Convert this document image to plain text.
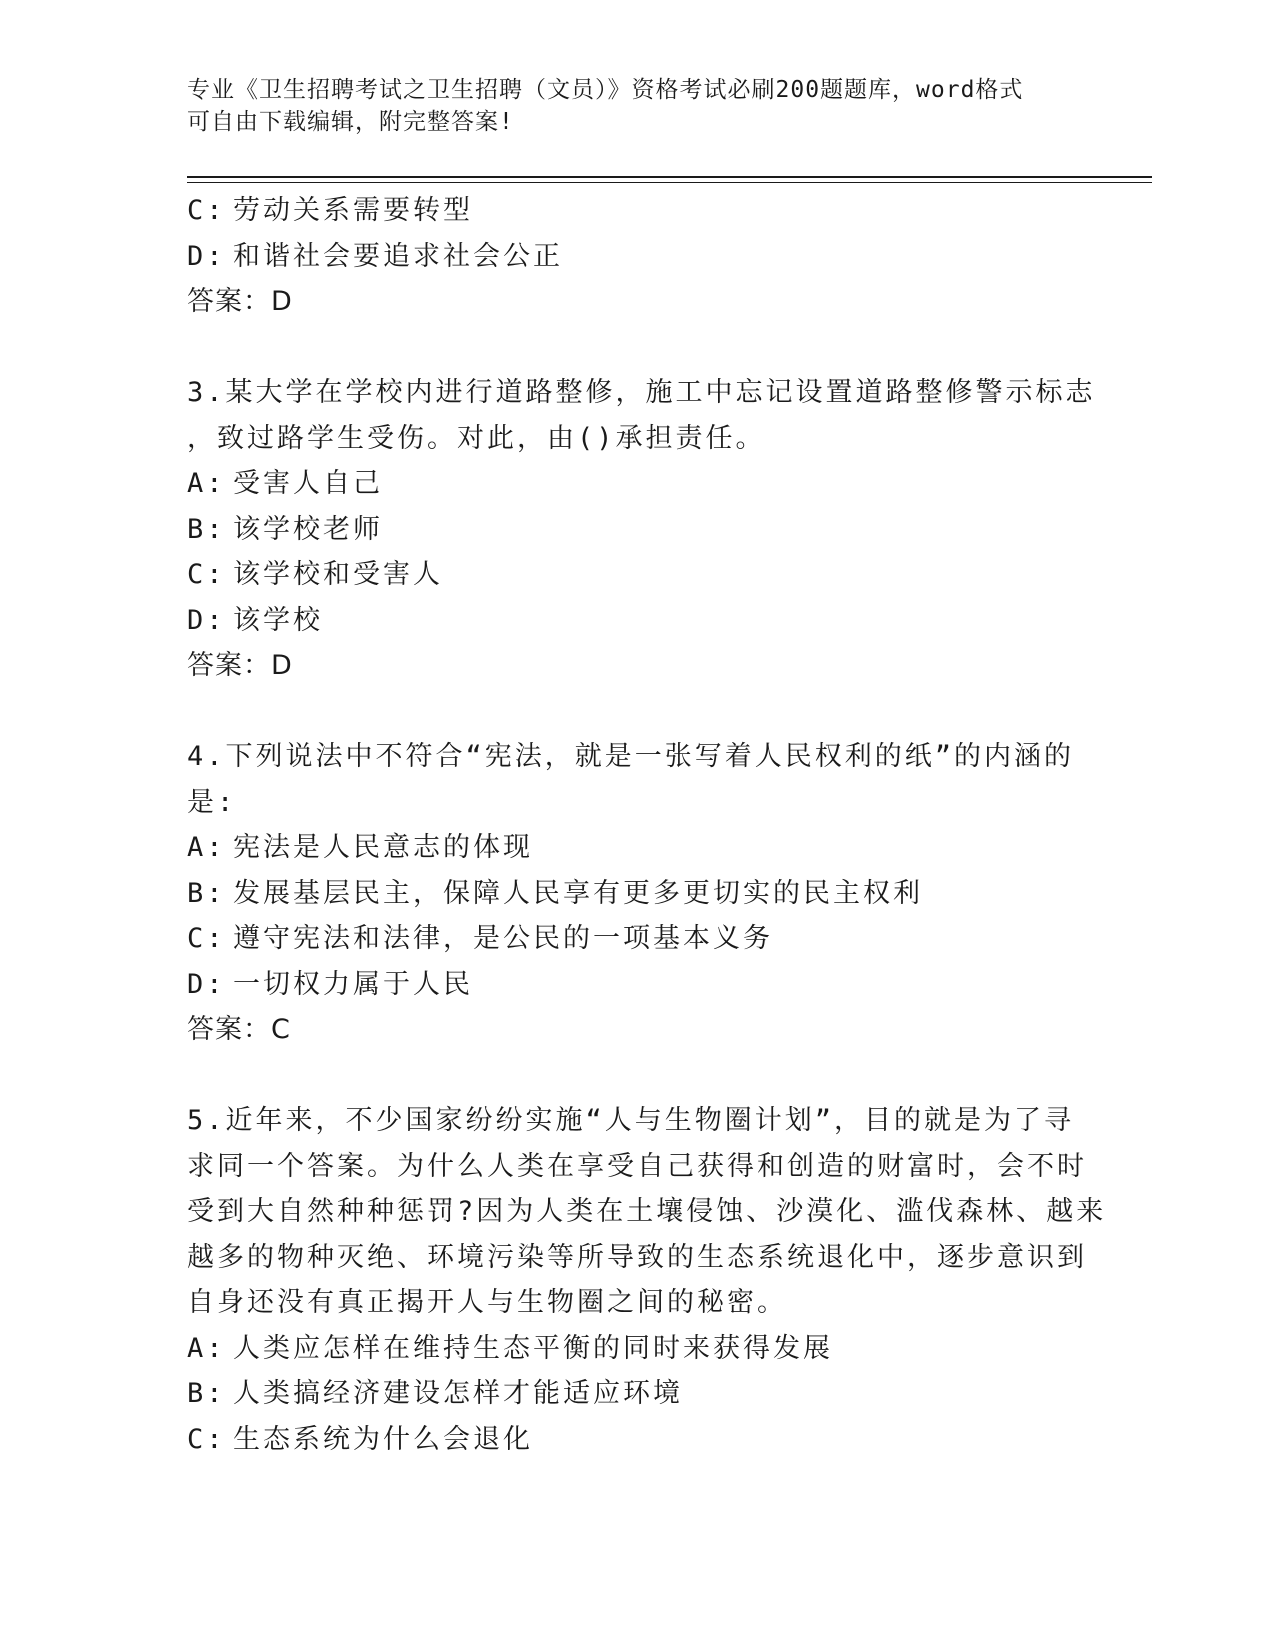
专业《卫生招聘考试之卫生招聘（文员）》资格考试必刷200题题库，word格式
可自由下载编辑，附完整答案!
C: 劳动关系需要转型
D: 和谐社会要追求社会公正
答案：D
3.某大学在学校内进行道路整修，施工中忘记设置道路整修警示标志
，致过路学生受伤。对此，由()承担责任。
A: 受害人自己
B: 该学校老师
C: 该学校和受害人
D: 该学校
答案：D
4.下列说法中不符合“宪法，就是一张写着人民权利的纸”的内涵的
是:
A: 宪法是人民意志的体现
B: 发展基层民主，保障人民享有更多更切实的民主权利
C: 遵守宪法和法律，是公民的一项基本义务
D: 一切权力属于人民
答案：C
5.近年来，不少国家纷纷实施“人与生物圈计划”，目的就是为了寻
求同一个答案。为什么人类在享受自己获得和创造的财富时，会不时
受到大自然种种惩罚?因为人类在土壤侵蚀、沙漠化、滥伐森林、越来
越多的物种灭绝、环境污染等所导致的生态系统退化中，逐步意识到
自身还没有真正揭开人与生物圈之间的秘密。
A: 人类应怎样在维持生态平衡的同时来获得发展
B: 人类搞经济建设怎样才能适应环境
C: 生态系统为什么会退化
